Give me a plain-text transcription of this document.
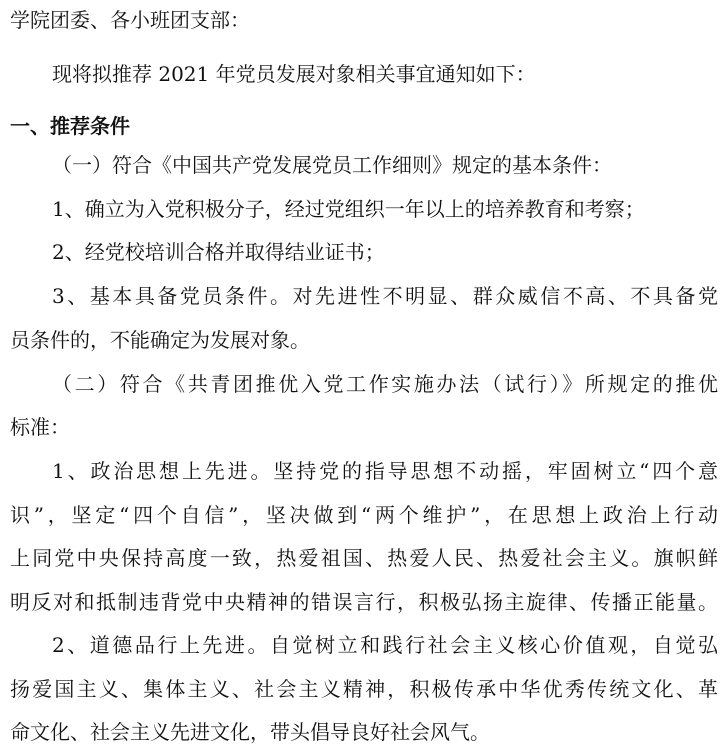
学院团委、各小班团支部：
现将拟推荐 2021 年党员发展对象相关事宜通知如下：
一、推荐条件
（一）符合《中国共产党发展党员工作细则》规定的基本条件：
1、确立为入党积极分子，经过党组织一年以上的培养教育和考察；
2、经党校培训合格并取得结业证书；
3、基本具备党员条件。对先进性不明显、群众威信不高、不具备党
员条件的，不能确定为发展对象。
（二）符合《共青团推优入党工作实施办法（试行）》所规定的推优
标准：
1、政治思想上先进。坚持党的指导思想不动摇，牢固树立“四个意
识”，坚定“四个自信”，坚决做到“两个维护”，在思想上政治上行动
上同党中央保持高度一致，热爱祖国、热爱人民、热爱社会主义。旗帜鲜
明反对和抵制违背党中央精神的错误言行，积极弘扬主旋律、传播正能量。
2、道德品行上先进。自觉树立和践行社会主义核心价值观，自觉弘
扬爱国主义、集体主义、社会主义精神，积极传承中华优秀传统文化、革
命文化、社会主义先进文化，带头倡导良好社会风气。
